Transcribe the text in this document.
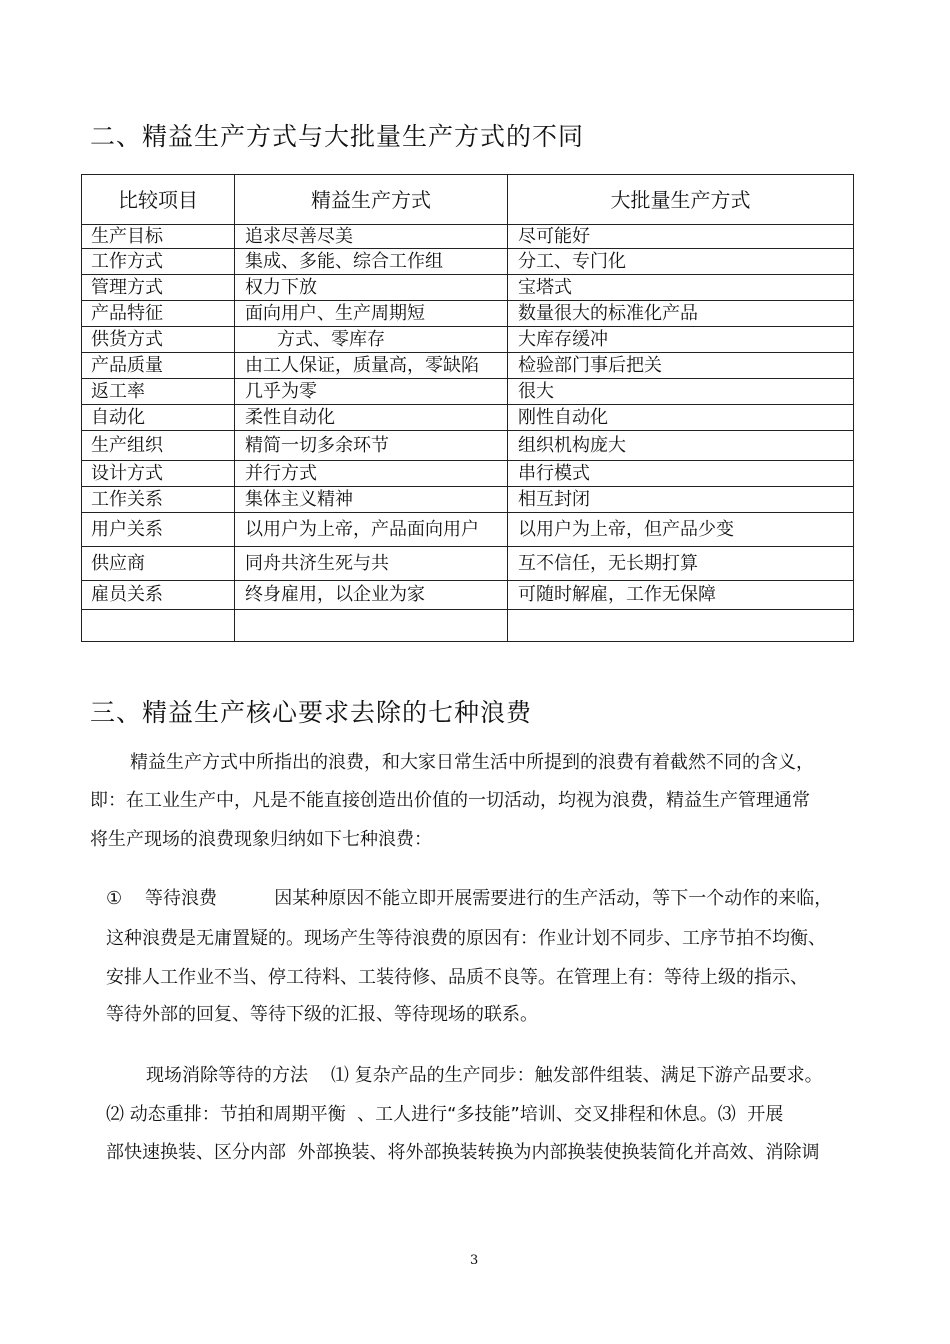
二、精益生产方式与大批量生产方式的不同
比较项目	精益生产方式	大批量生产方式
生产目标	追求尽善尽美	尽可能好
工作方式	集成、多能、综合工作组	分工、专门化
管理方式	权力下放	宝塔式
产品特征	面向用户、生产周期短	数量很大的标准化产品
供货方式	方式、零库存	大库存缓冲
产品质量	由工人保证，质量高，零缺陷	检验部门事后把关
返工率	几乎为零	很大
自动化	柔性自动化	刚性自动化
生产组织	精简一切多余环节	组织机构庞大
设计方式	并行方式	串行模式
工作关系	集体主义精神	相互封闭
用户关系	以用户为上帝，产品面向用户	以用户为上帝，但产品少变
供应商	同舟共济生死与共	互不信任，无长期打算
雇员关系	终身雇用，以企业为家	可随时解雇，工作无保障

三、精益生产核心要求去除的七种浪费

精益生产方式中所指出的浪费，和大家日常生活中所提到的浪费有着截然不同的含义，

即：在工业生产中，凡是不能直接创造出价值的一切活动，均视为浪费，精益生产管理通常

将生产现场的浪费现象归纳如下七种浪费：

①    等待浪费          因某种原因不能立即开展需要进行的生产活动，等下一个动作的来临，

这种浪费是无庸置疑的。现场产生等待浪费的原因有：作业计划不同步、工序节拍不均衡、

安排人工作业不当、停工待料、工装待修、品质不良等。在管理上有：等待上级的指示、

等待外部的回复、等待下级的汇报、等待现场的联系。

现场消除等待的方法    ⑴ 复杂产品的生产同步：触发部件组装、满足下游产品要求。

⑵ 动态重排：节拍和周期平衡  、工人进行“多技能”培训、交叉排程和休息。⑶  开展

部快速换装、区分内部  外部换装、将外部换装转换为内部换装使换装简化并高效、消除调

3
